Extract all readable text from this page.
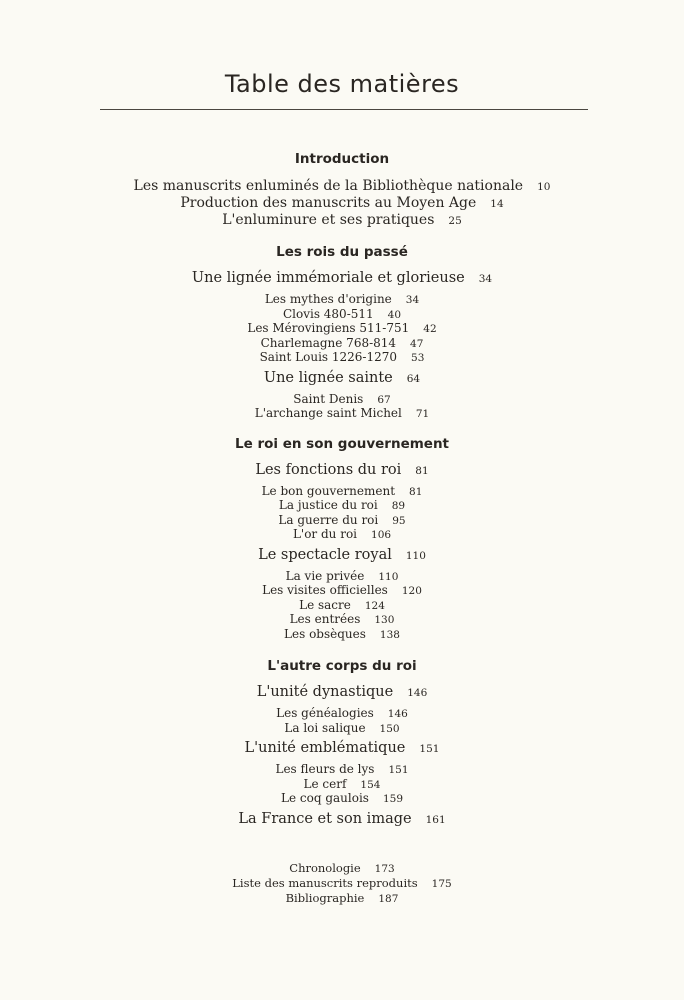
Table des matières
Introduction
Les manuscrits enluminés de la Bibliothèque nationale 10
Production des manuscrits au Moyen Age 14
L'enluminure et ses pratiques 25
Les rois du passé
Une lignée immémoriale et glorieuse 34
Les mythes d'origine 34
Clovis 480-511 40
Les Mérovingiens 511-751 42
Charlemagne 768-814 47
Saint Louis 1226-1270 53
Une lignée sainte 64
Saint Denis 67
L'archange saint Michel 71
Le roi en son gouvernement
Les fonctions du roi 81
Le bon gouvernement 81
La justice du roi 89
La guerre du roi 95
L'or du roi 106
Le spectacle royal 110
La vie privée 110
Les visites officielles 120
Le sacre 124
Les entrées 130
Les obsèques 138
L'autre corps du roi
L'unité dynastique 146
Les généalogies 146
La loi salique 150
L'unité emblématique 151
Les fleurs de lys 151
Le cerf 154
Le coq gaulois 159
La France et son image 161
Chronologie 173
Liste des manuscrits reproduits 175
Bibliographie 187
